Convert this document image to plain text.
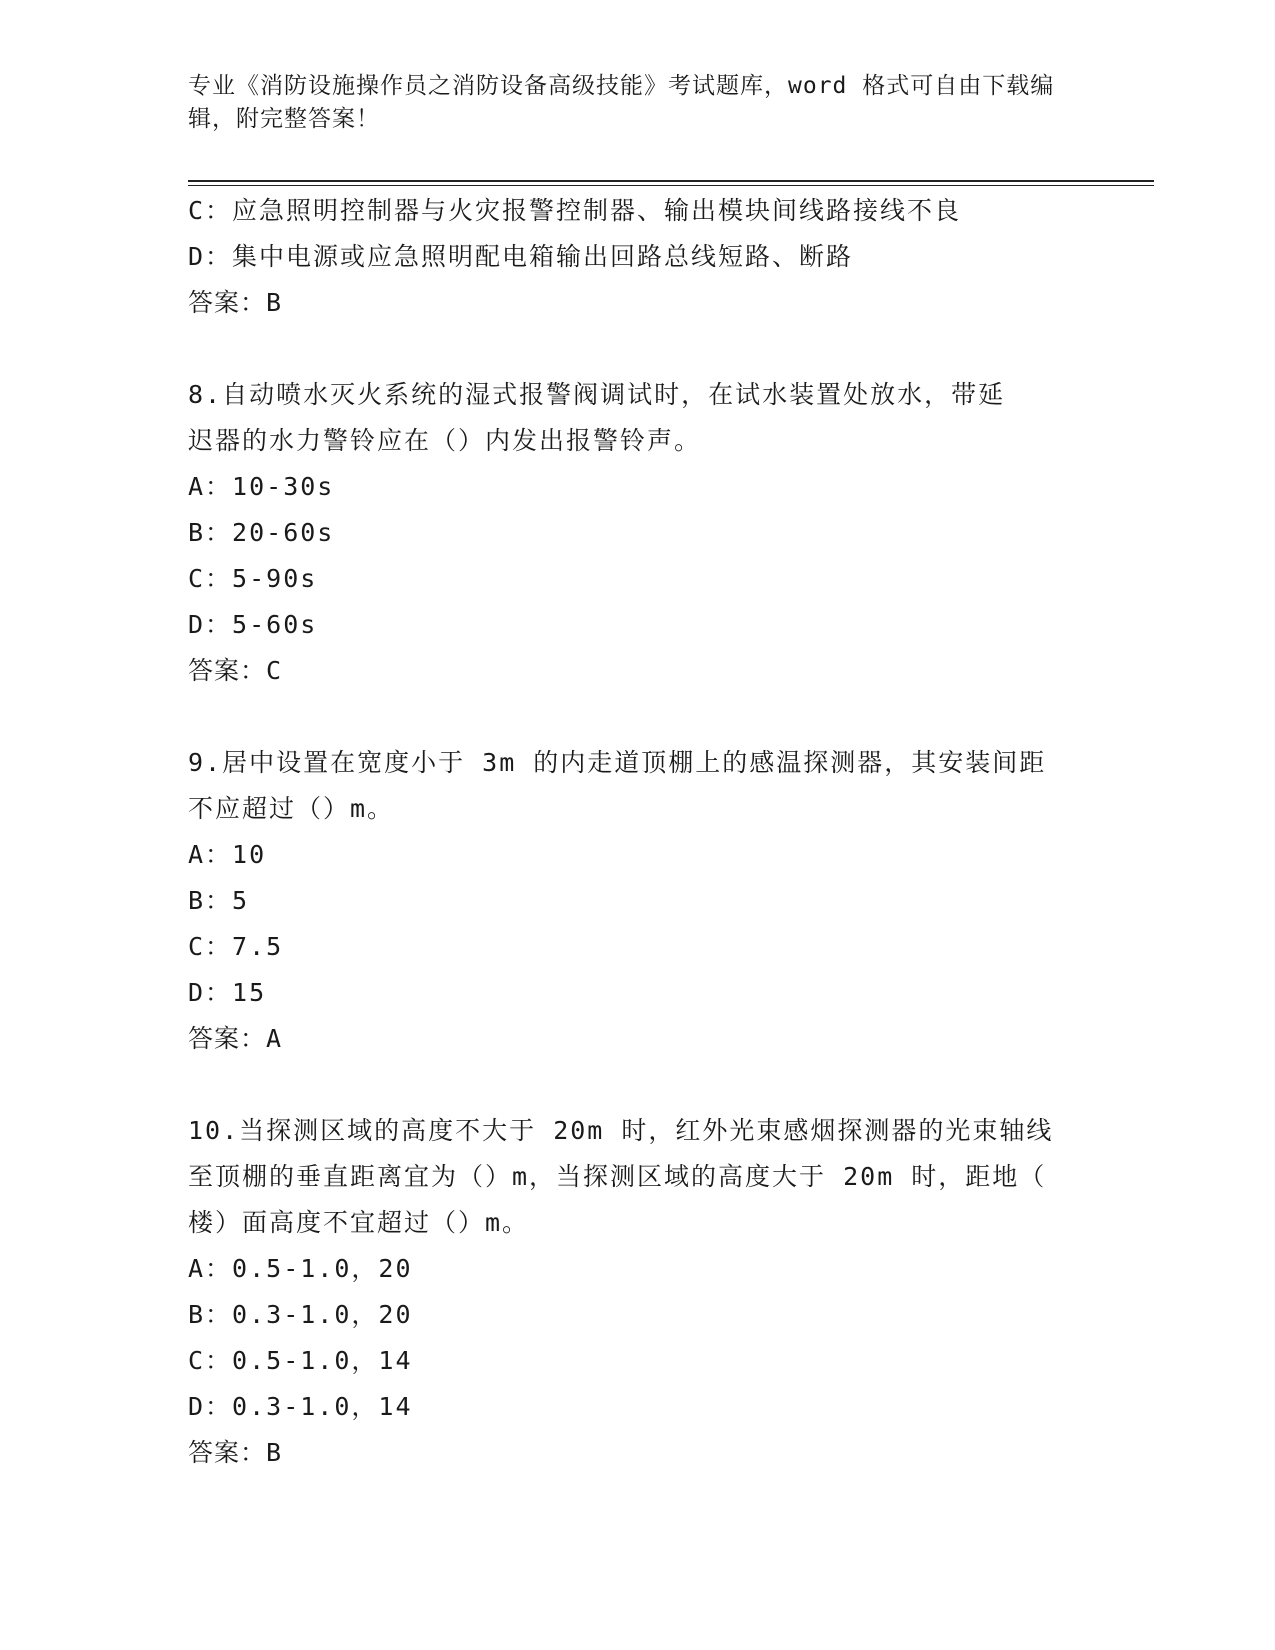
专业《消防设施操作员之消防设备高级技能》考试题库，word 格式可自由下载编
辑，附完整答案！
C：应急照明控制器与火灾报警控制器、输出模块间线路接线不良
D：集中电源或应急照明配电箱输出回路总线短路、断路
答案：B
8.自动喷水灭火系统的湿式报警阀调试时，在试水装置处放水，带延
迟器的水力警铃应在（）内发出报警铃声。
A：10-30s
B：20-60s
C：5-90s
D：5-60s
答案：C
9.居中设置在宽度小于 3m 的内走道顶棚上的感温探测器，其安装间距
不应超过（）m。
A：10
B：5
C：7.5
D：15
答案：A
10.当探测区域的高度不大于 20m 时，红外光束感烟探测器的光束轴线
至顶棚的垂直距离宜为（）m，当探测区域的高度大于 20m 时，距地（
楼）面高度不宜超过（）m。
A：0.5-1.0，20
B：0.3-1.0，20
C：0.5-1.0，14
D：0.3-1.0，14
答案：B
